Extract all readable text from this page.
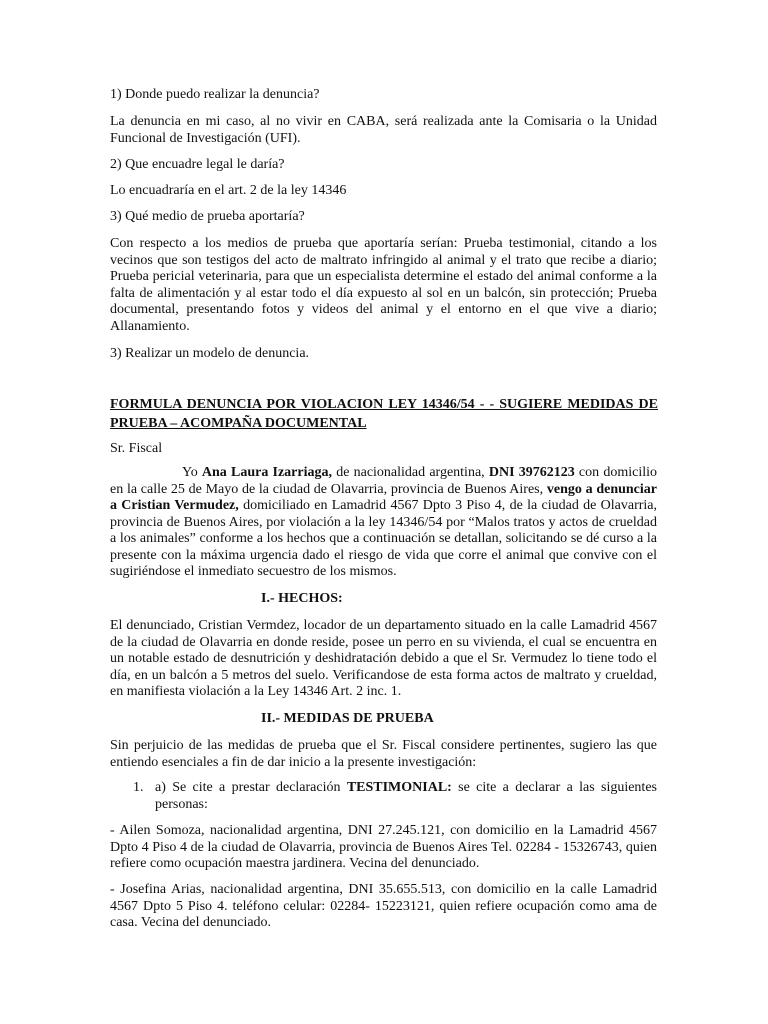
1) Donde puedo realizar la denuncia?

La denuncia en mi caso, al no vivir en CABA, será realizada ante la Comisaria o la Unidad Funcional de Investigación (UFI).

2) Que encuadre legal le daría?

Lo encuadraría en el art. 2 de la ley 14346

3) Qué medio de prueba aportaría?

Con respecto a los medios de prueba que aportaría serían: Prueba testimonial, citando a los vecinos que son testigos del acto de maltrato infringido al animal y el trato que recibe a diario; Prueba pericial veterinaria, para que un especialista determine el estado del animal conforme a la falta de alimentación y al estar todo el día expuesto al sol en un balcón, sin protección; Prueba documental, presentando fotos y videos del animal y el entorno en el que vive a diario; Allanamiento.

3) Realizar un modelo de denuncia.

FORMULA DENUNCIA POR VIOLACION LEY 14346/54 - - SUGIERE MEDIDAS DE PRUEBA – ACOMPAÑA DOCUMENTAL

Sr. Fiscal

Yo Ana Laura Izarriaga, de nacionalidad argentina, DNI 39762123 con domicilio en la calle 25 de Mayo de la ciudad de Olavarria, provincia de Buenos Aires, vengo a denunciar a Cristian Vermudez, domiciliado en Lamadrid 4567 Dpto 3 Piso 4, de la ciudad de Olavarria, provincia de Buenos Aires, por violación a la ley 14346/54 por “Malos tratos y actos de crueldad a los animales” conforme a los hechos que a continuación se detallan, solicitando se dé curso a la presente con la máxima urgencia dado el riesgo de vida que corre el animal que convive con el sugiriéndose el inmediato secuestro de los mismos.

I.- HECHOS:

El denunciado, Cristian Vermdez, locador de un departamento situado en la calle Lamadrid 4567 de la ciudad de Olavarria en donde reside, posee un perro en su vivienda, el cual se encuentra en un notable estado de desnutrición y deshidratación debido a que el Sr. Vermudez lo tiene todo el día, en un balcón a 5 metros del suelo. Verificandose de esta forma actos de maltrato y crueldad, en manifiesta violación a la Ley 14346 Art. 2 inc. 1.

II.- MEDIDAS DE PRUEBA

Sin perjuicio de las medidas de prueba que el Sr. Fiscal considere pertinentes, sugiero las que entiendo esenciales a fin de dar inicio a la presente investigación:

1. a) Se cite a prestar declaración TESTIMONIAL: se cite a declarar a las siguientes personas:

- Ailen Somoza, nacionalidad argentina, DNI 27.245.121, con domicilio en la Lamadrid 4567 Dpto 4 Piso 4 de la ciudad de Olavarria, provincia de Buenos Aires Tel. 02284 - 15326743, quien refiere como ocupación maestra jardinera. Vecina del denunciado.

- Josefina Arias, nacionalidad argentina, DNI 35.655.513, con domicilio en la calle Lamadrid 4567 Dpto 5 Piso 4. teléfono celular: 02284- 15223121, quien refiere ocupación como ama de casa. Vecina del denunciado.
